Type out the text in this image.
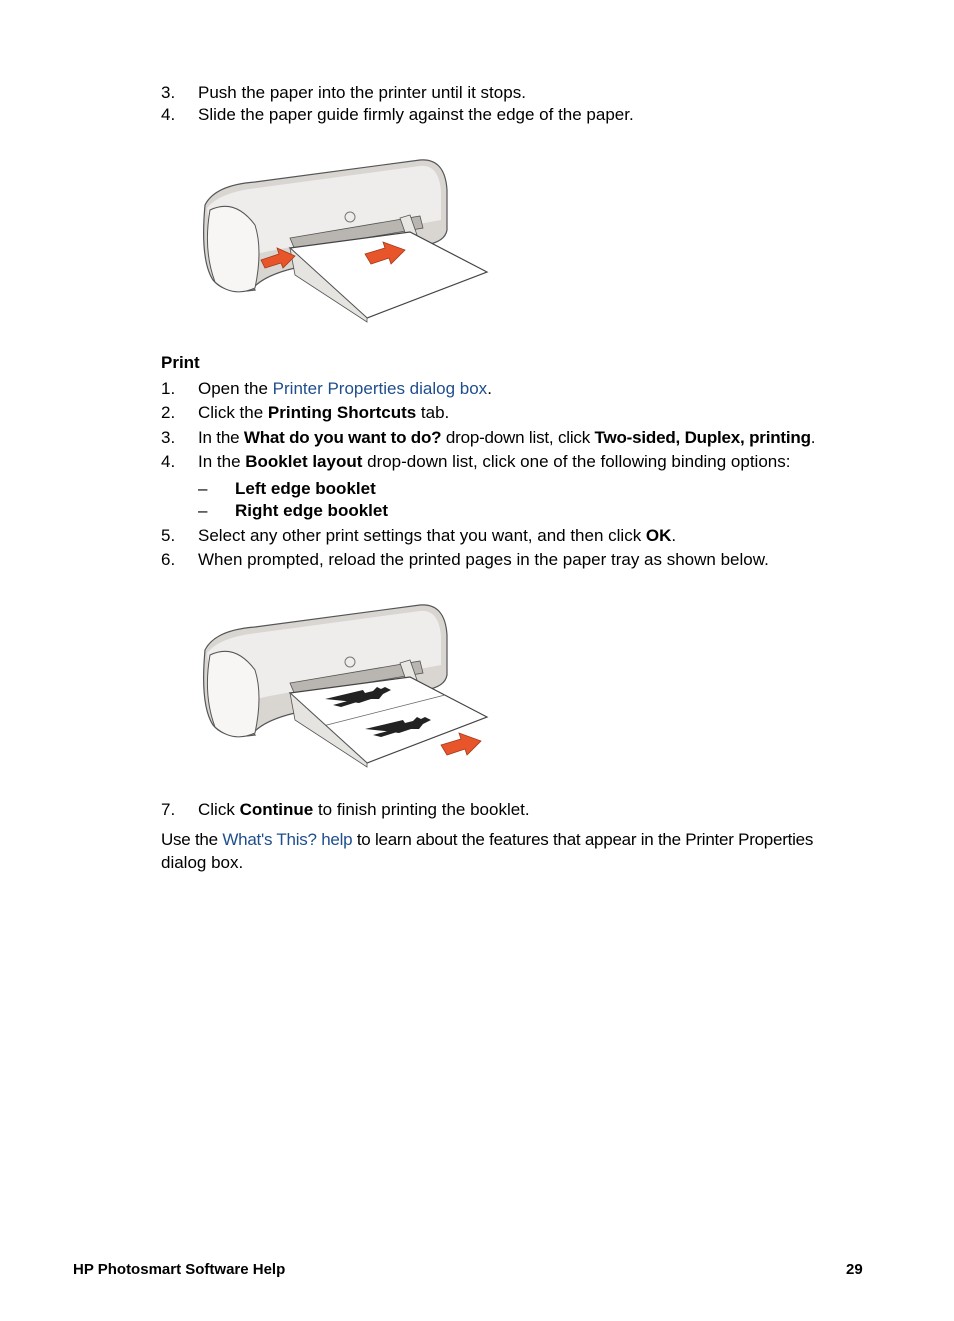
3.	Push the paper into the printer until it stops.
4.	Slide the paper guide firmly against the edge of the paper.
Print
1.	Open the Printer Properties dialog box.
2.	Click the Printing Shortcuts tab.
3.	In the What do you want to do? drop-down list, click Two-sided, Duplex, printing.
4.	In the Booklet layout drop-down list, click one of the following binding options:
–	Left edge booklet
–	Right edge booklet
5.	Select any other print settings that you want, and then click OK.
6.	When prompted, reload the printed pages in the paper tray as shown below.
7.	Click Continue to finish printing the booklet.
Use the What's This? help to learn about the features that appear in the Printer Properties
dialog box.
HP Photosmart Software Help	29
